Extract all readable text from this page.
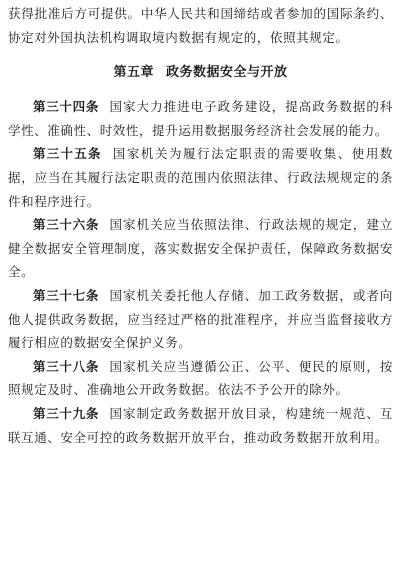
获得批准后方可提供。中华人民共和国缔结或者参加的国际条约、协定对外国执法机构调取境内数据有规定的，依照其规定。

第五章 政务数据安全与开放

第三十四条 国家大力推进电子政务建设，提高政务数据的科学性、准确性、时效性，提升运用数据服务经济社会发展的能力。

第三十五条 国家机关为履行法定职责的需要收集、使用数据，应当在其履行法定职责的范围内依照法律、行政法规规定的条件和程序进行。

第三十六条 国家机关应当依照法律、行政法规的规定，建立健全数据安全管理制度，落实数据安全保护责任，保障政务数据安全。

第三十七条 国家机关委托他人存储、加工政务数据，或者向他人提供政务数据，应当经过严格的批准程序，并应当监督接收方履行相应的数据安全保护义务。

第三十八条 国家机关应当遵循公正、公平、便民的原则，按照规定及时、准确地公开政务数据。依法不予公开的除外。

第三十九条 国家制定政务数据开放目录，构建统一规范、互联互通、安全可控的政务数据开放平台，推动政务数据开放利用。
